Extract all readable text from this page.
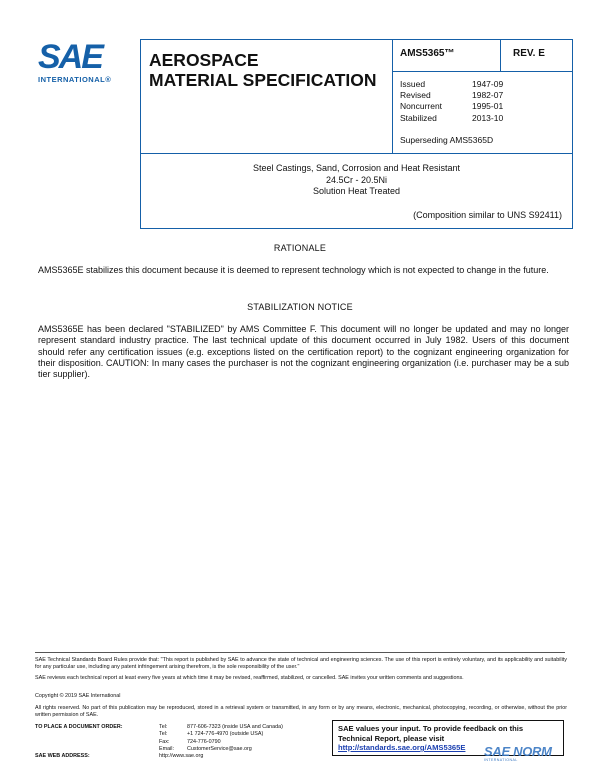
SAE
INTERNATIONAL®
AEROSPACE
MATERIAL SPECIFICATION
AMS5365™	REV. E
Issued	1947-09
Revised	1982-07
Noncurrent	1995-01
Stabilized	2013-10
Superseding AMS5365D
Steel Castings, Sand, Corrosion and Heat Resistant
24.5Cr - 20.5Ni
Solution Heat Treated
(Composition similar to UNS S92411)
RATIONALE
AMS5365E stabilizes this document because it is deemed to represent technology which is not expected to change in the future.
STABILIZATION NOTICE
AMS5365E has been declared "STABILIZED" by AMS Committee F. This document will no longer be updated and may no longer represent standard industry practice. The last technical update of this document occurred in July 1982. Users of this document should refer any certification issues (e.g. exceptions listed on the certification report) to the cognizant engineering organization for their disposition. CAUTION: In many cases the purchaser is not the cognizant engineering organization (i.e. purchaser may be a sub tier supplier).
SAE Technical Standards Board Rules provide that: "This report is published by SAE to advance the state of technical and engineering sciences. The use of this report is entirely voluntary, and its applicability and suitability for any particular use, including any patent infringement arising therefrom, is the sole responsibility of the user."
SAE reviews each technical report at least every five years at which time it may be revised, reaffirmed, stabilized, or cancelled. SAE invites your written comments and suggestions.
Copyright © 2019 SAE International
All rights reserved. No part of this publication may be reproduced, stored in a retrieval system or transmitted, in any form or by any means, electronic, mechanical, photocopying, recording, or otherwise, without the prior written permission of SAE.
TO PLACE A DOCUMENT ORDER:	Tel:	877-606-7323 (inside USA and Canada)
Tel:	+1 724-776-4970 (outside USA)
Fax:	724-776-0790
Email:	CustomerService@sae.org
SAE WEB ADDRESS:	http://www.sae.org
SAE values your input. To provide feedback on this
Technical Report, please visit
http://standards.sae.org/AMS5365E	SAE NORM
INTERNATIONAL
